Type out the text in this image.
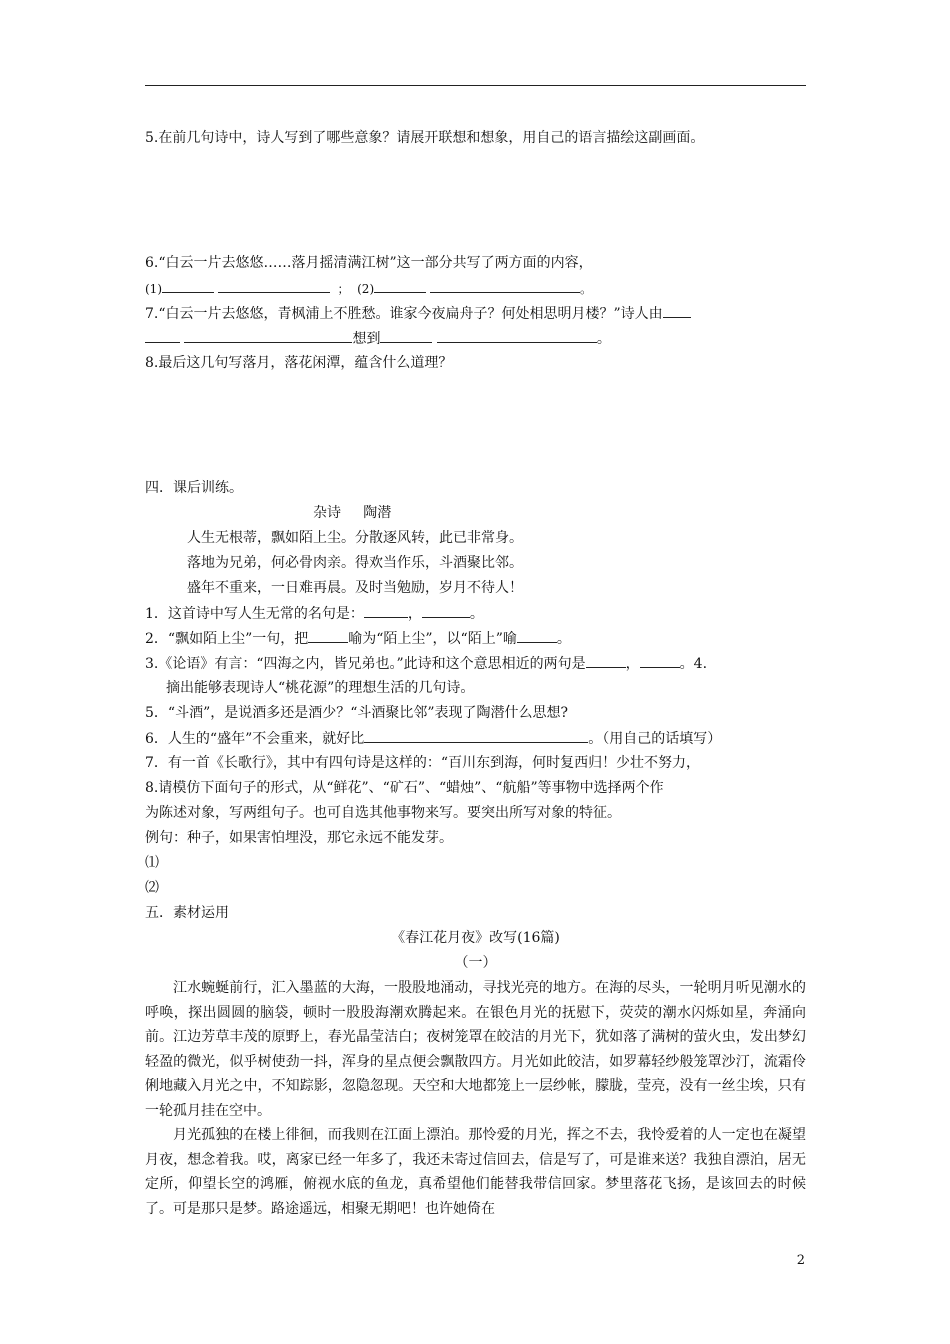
5.在前几句诗中，诗人写到了哪些意象？请展开联想和想象，用自己的语言描绘这副画面。
6.“白云一片去悠悠……落月摇清满江树”这一部分共写了两方面的内容，
(1)	； (2)	。
7.“白云一片去悠悠，青枫浦上不胜愁。谁家今夜扁舟子？何处相思明月楼？”诗人由
想到	。
8.最后这几句写落月，落花闲潭，蕴含什么道理？
四．课后训练。
杂诗 陶潜
人生无根蒂，飘如陌上尘。分散逐风转，此已非常身。
落地为兄弟，何必骨肉亲。得欢当作乐，斗酒聚比邻。
盛年不重来，一日难再晨。及时当勉励，岁月不待人！
1．这首诗中写人生无常的名句是：	，	。
2．“飘如陌上尘”一句，把	喻为“陌上尘”，以“陌上”喻	。
3.《论语》有言：“四海之内，皆兄弟也。”此诗和这个意思相近的两句是	，	。4.
摘出能够表现诗人“桃花源”的理想生活的几句诗。
5．“斗酒”，是说酒多还是酒少？“斗酒聚比邻”表现了陶潜什么思想?
6．人生的“盛年”不会重来，就好比	。（用自己的话填写）
7．有一首《长歌行》，其中有四句诗是这样的：“百川东到海，何时复西归！少壮不努力，
8.请模仿下面句子的形式，从“鲜花”、“矿石”、“蜡烛”、“航船”等事物中选择两个作
为陈述对象，写两组句子。也可自选其他事物来写。要突出所写对象的特征。
例句：种子，如果害怕埋没，那它永远不能发芽。
⑴
⑵
五．素材运用
《春江花月夜》改写(16篇)
（一）
江水蜿蜒前行，汇入墨蓝的大海，一股股地涌动，寻找光亮的地方。在海的尽头，一轮明月听见潮水的呼唤，探出圆圆的脑袋，顿时一股股海潮欢腾起来。在银色月光的抚慰下，荧荧的潮水闪烁如星，奔涌向前。江边芳草丰茂的原野上，春光晶莹洁白；夜树笼罩在皎洁的月光下，犹如落了满树的萤火虫，发出梦幻轻盈的微光，似乎树使劲一抖，浑身的星点便会飘散四方。月光如此皎洁，如罗幕轻纱般笼罩沙汀，流霜伶俐地藏入月光之中，不知踪影，忽隐忽现。天空和大地都笼上一层纱帐，朦胧，莹亮，没有一丝尘埃，只有一轮孤月挂在空中。
月光孤独的在楼上徘徊，而我则在江面上漂泊。那怜爱的月光，挥之不去，我怜爱着的人一定也在凝望月夜，想念着我。哎，离家已经一年多了，我还未寄过信回去，信是写了，可是谁来送？我独自漂泊，居无定所，仰望长空的鸿雁，俯视水底的鱼龙，真希望他们能替我带信回家。梦里落花飞扬，是该回去的时候了。可是那只是梦。路途遥远，相聚无期吧！也许她倚在
2
